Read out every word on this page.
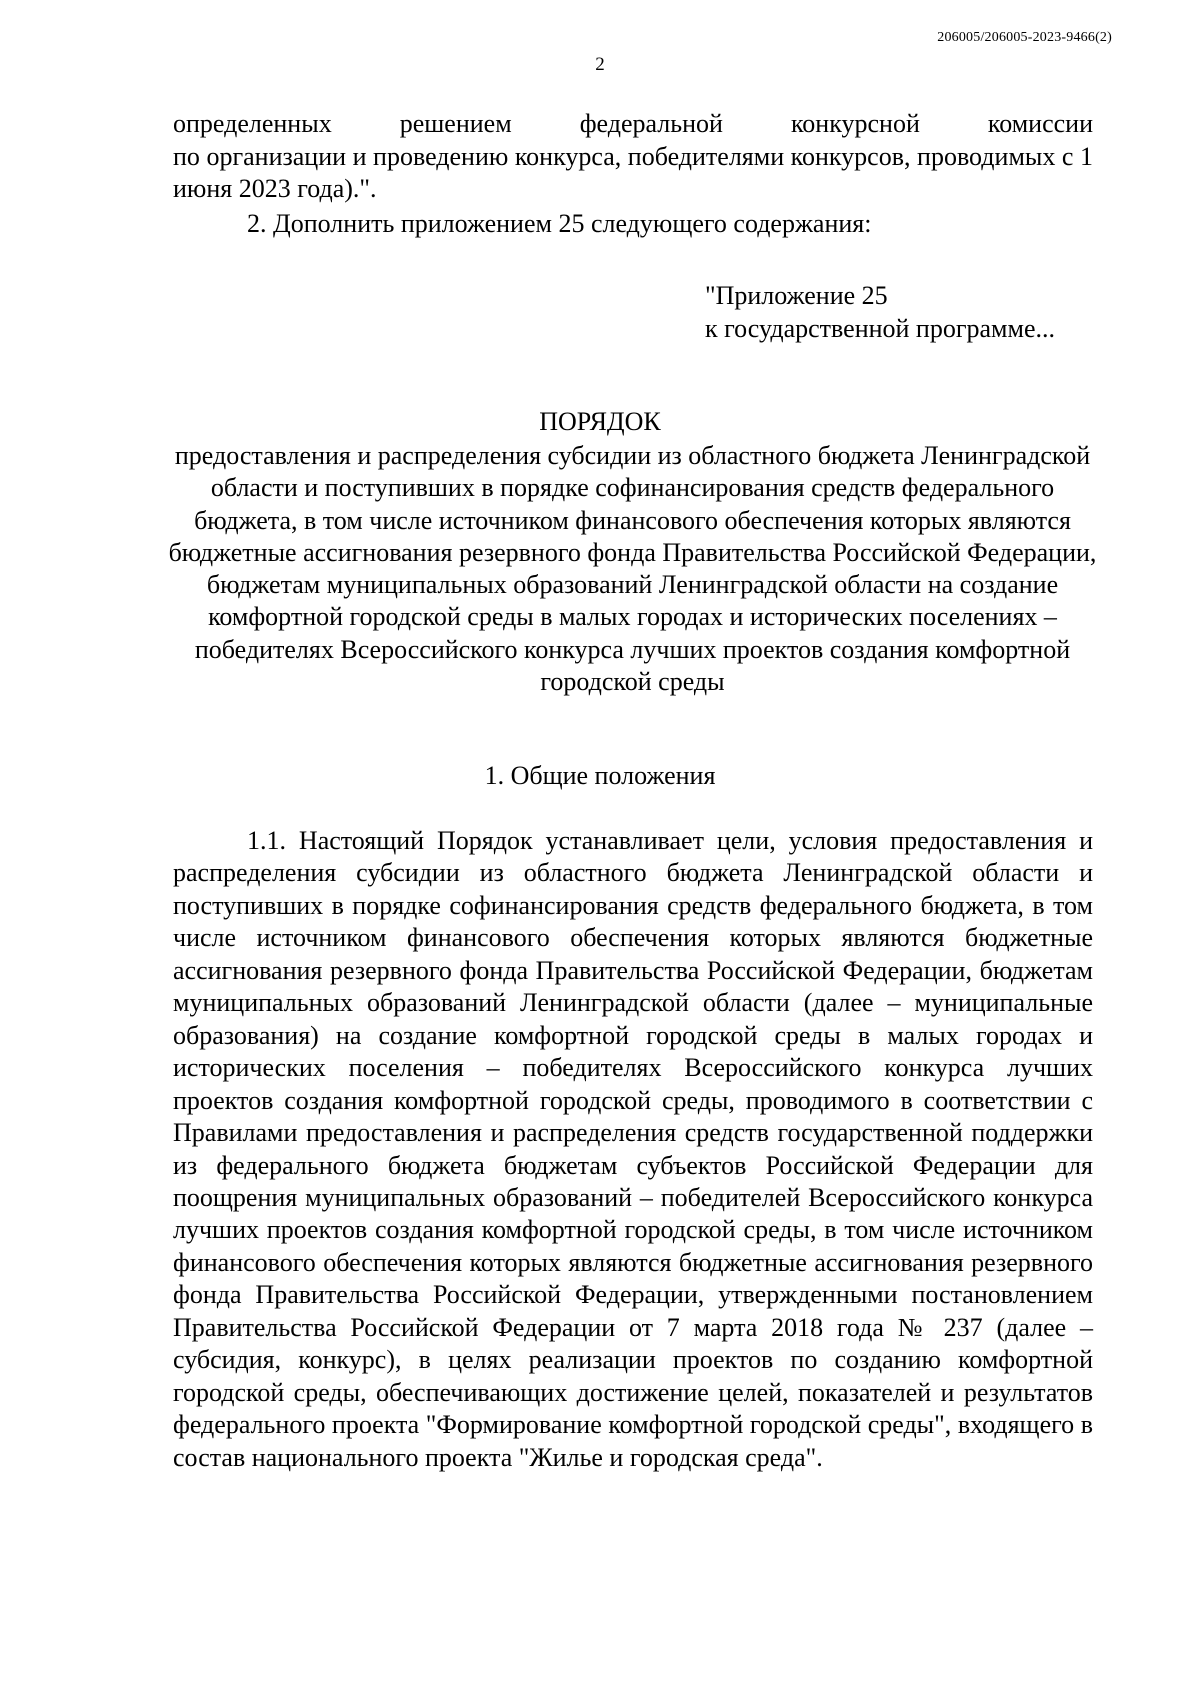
206005/206005-2023-9466(2)
2
определенных решением федеральной конкурсной комиссии
по организации и проведению конкурса, победителями конкурсов, проводимых с 1 июня 2023 года).".
2. Дополнить приложением 25 следующего содержания:
"Приложение 25
к государственной программе...
ПОРЯДОК
предоставления и распределения субсидии из областного бюджета Ленинградской области и поступивших в порядке софинансирования средств федерального бюджета, в том числе источником финансового обеспечения которых являются бюджетные ассигнования резервного фонда Правительства Российской Федерации, бюджетам муниципальных образований Ленинградской области на создание комфортной городской среды в малых городах и исторических поселениях – победителях Всероссийского конкурса лучших проектов создания комфортной городской среды
1. Общие положения
1.1. Настоящий Порядок устанавливает цели, условия предоставления и распределения субсидии из областного бюджета Ленинградской области и поступивших в порядке софинансирования средств федерального бюджета, в том числе источником финансового обеспечения которых являются бюджетные ассигнования резервного фонда Правительства Российской Федерации, бюджетам муниципальных образований Ленинградской области (далее – муниципальные образования) на создание комфортной городской среды в малых городах и исторических поселения – победителях Всероссийского конкурса лучших проектов создания комфортной городской среды, проводимого в соответствии с Правилами предоставления и распределения средств государственной поддержки из федерального бюджета бюджетам субъектов Российской Федерации для поощрения муниципальных образований – победителей Всероссийского конкурса лучших проектов создания комфортной городской среды, в том числе источником финансового обеспечения которых являются бюджетные ассигнования резервного фонда Правительства Российской Федерации, утвержденными постановлением Правительства Российской Федерации от 7 марта 2018 года № 237 (далее – субсидия, конкурс), в целях реализации проектов по созданию комфортной городской среды, обеспечивающих достижение целей, показателей и результатов федерального проекта "Формирование комфортной городской среды", входящего в состав национального проекта "Жилье и городская среда".
